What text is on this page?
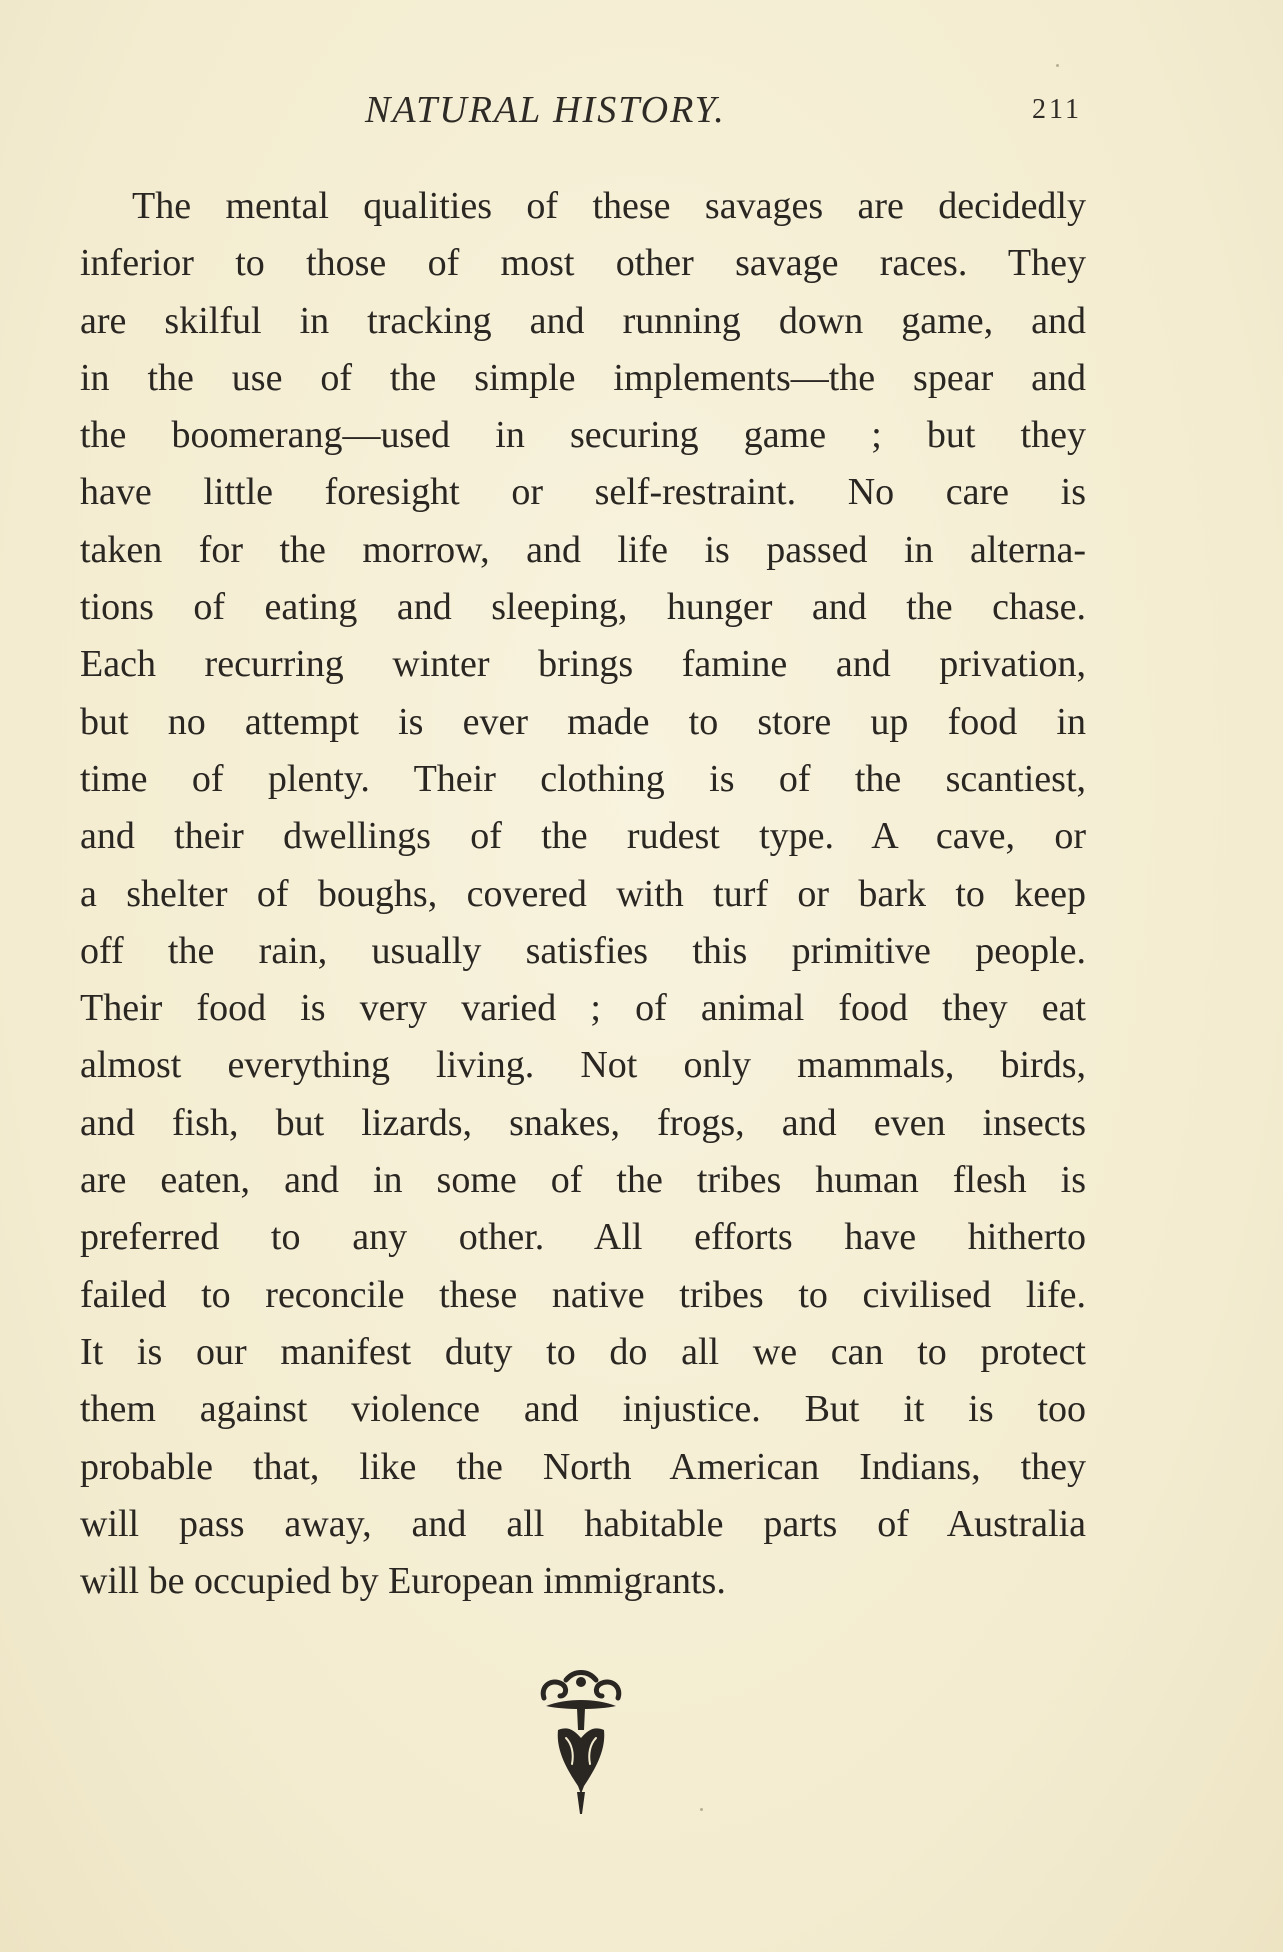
NATURAL HISTORY.	211
The mental qualities of these savages are decidedly
inferior to those of most other savage races. They
are skilful in tracking and running down game, and
in the use of the simple implements—the spear and
the boomerang—used in securing game ; but they
have little foresight or self-restraint. No care is
taken for the morrow, and life is passed in alterna-
tions of eating and sleeping, hunger and the chase.
Each recurring winter brings famine and privation,
but no attempt is ever made to store up food in
time of plenty. Their clothing is of the scantiest,
and their dwellings of the rudest type. A cave, or
a shelter of boughs, covered with turf or bark to keep
off the rain, usually satisfies this primitive people.
Their food is very varied ; of animal food they eat
almost everything living. Not only mammals, birds,
and fish, but lizards, snakes, frogs, and even insects
are eaten, and in some of the tribes human flesh is
preferred to any other. All efforts have hitherto
failed to reconcile these native tribes to civilised life.
It is our manifest duty to do all we can to protect
them against violence and injustice. But it is too
probable that, like the North American Indians, they
will pass away, and all habitable parts of Australia
will be occupied by European immigrants.
